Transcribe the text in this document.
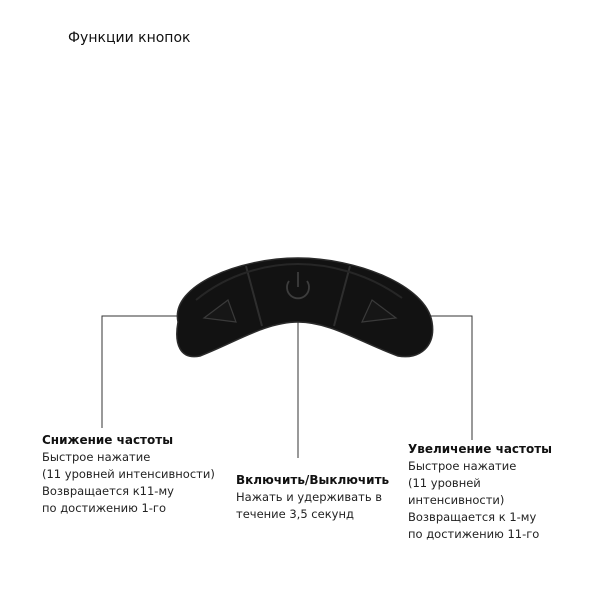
Функции кнопок
Снижение частоты
Быстрое нажатие
(11 уровней интенсивности)
Возвращается к11-му
по достижению 1-го
Включить/Выключить
Нажать и удерживать в
течение 3,5 секунд
Увеличение частоты
Быстрое нажатие
(11 уровней
интенсивности)
Возвращается к 1-му
по достижению 11-го
